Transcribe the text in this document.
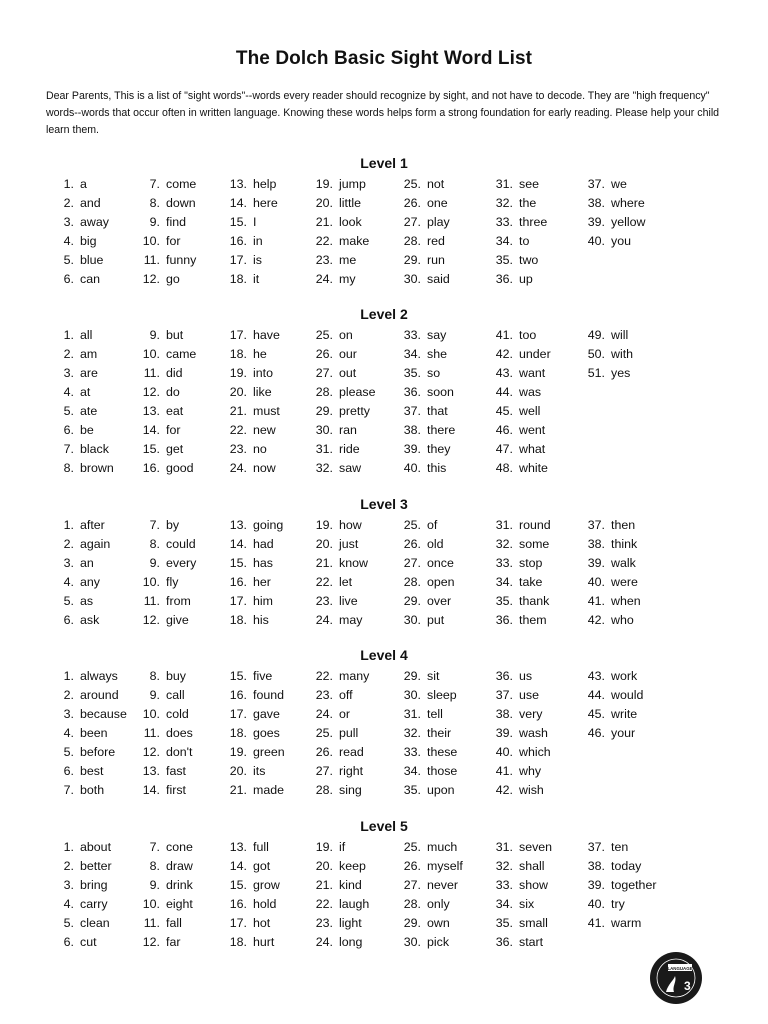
The Dolch Basic Sight Word List
Dear Parents, This is a list of "sight words"--words every reader should recognize by sight, and not have to decode. They are "high frequency" words--words that occur often in written language. Knowing these words helps form a strong foundation for early reading. Please help your child learn them.
Level 1
1. a
2. and
3. away
4. big
5. blue
6. can
7. come
8. down
9. find
10. for
11. funny
12. go
13. help
14. here
15. I
16. in
17. is
18. it
19. jump
20. little
21. look
22. make
23. me
24. my
25. not
26. one
27. play
28. red
29. run
30. said
31. see
32. the
33. three
34. to
35. two
36. up
37. we
38. where
39. yellow
40. you
Level 2
1. all
2. am
3. are
4. at
5. ate
6. be
7. black
8. brown
9. but
10. came
11. did
12. do
13. eat
14. for
15. get
16. good
17. have
18. he
19. into
20. like
21. must
22. new
23. no
24. now
25. on
26. our
27. out
28. please
29. pretty
30. ran
31. ride
32. saw
33. say
34. she
35. so
36. soon
37. that
38. there
39. they
40. this
41. too
42. under
43. want
44. was
45. well
46. went
47. what
48. white
49. will
50. with
51. yes
Level 3
1. after
2. again
3. an
4. any
5. as
6. ask
7. by
8. could
9. every
10. fly
11. from
12. give
13. going
14. had
15. has
16. her
17. him
18. his
19. how
20. just
21. know
22. let
23. live
24. may
25. of
26. old
27. once
28. open
29. over
30. put
31. round
32. some
33. stop
34. take
35. thank
36. them
37. then
38. think
39. walk
40. were
41. when
42. who
Level 4
1. always
2. around
3. because
4. been
5. before
6. best
7. both
8. buy
9. call
10. cold
11. does
12. don't
13. fast
14. first
15. five
16. found
17. gave
18. goes
19. green
20. its
21. made
22. many
23. off
24. or
25. pull
26. read
27. right
28. sing
29. sit
30. sleep
31. tell
32. their
33. these
34. those
35. upon
36. us
37. use
38. very
39. wash
40. which
41. why
42. wish
43. work
44. would
45. write
46. your
Level 5
1. about
2. better
3. bring
4. carry
5. clean
6. cut
7. cone
8. draw
9. drink
10. eight
11. fall
12. far
13. full
14. got
15. grow
16. hold
17. hot
18. hurt
19. if
20. keep
21. kind
22. laugh
23. light
24. long
25. much
26. myself
27. never
28. only
29. own
30. pick
31. seven
32. shall
33. show
34. six
35. small
36. start
37. ten
38. today
39. together
40. try
41. warm
LANGUAGE
3
